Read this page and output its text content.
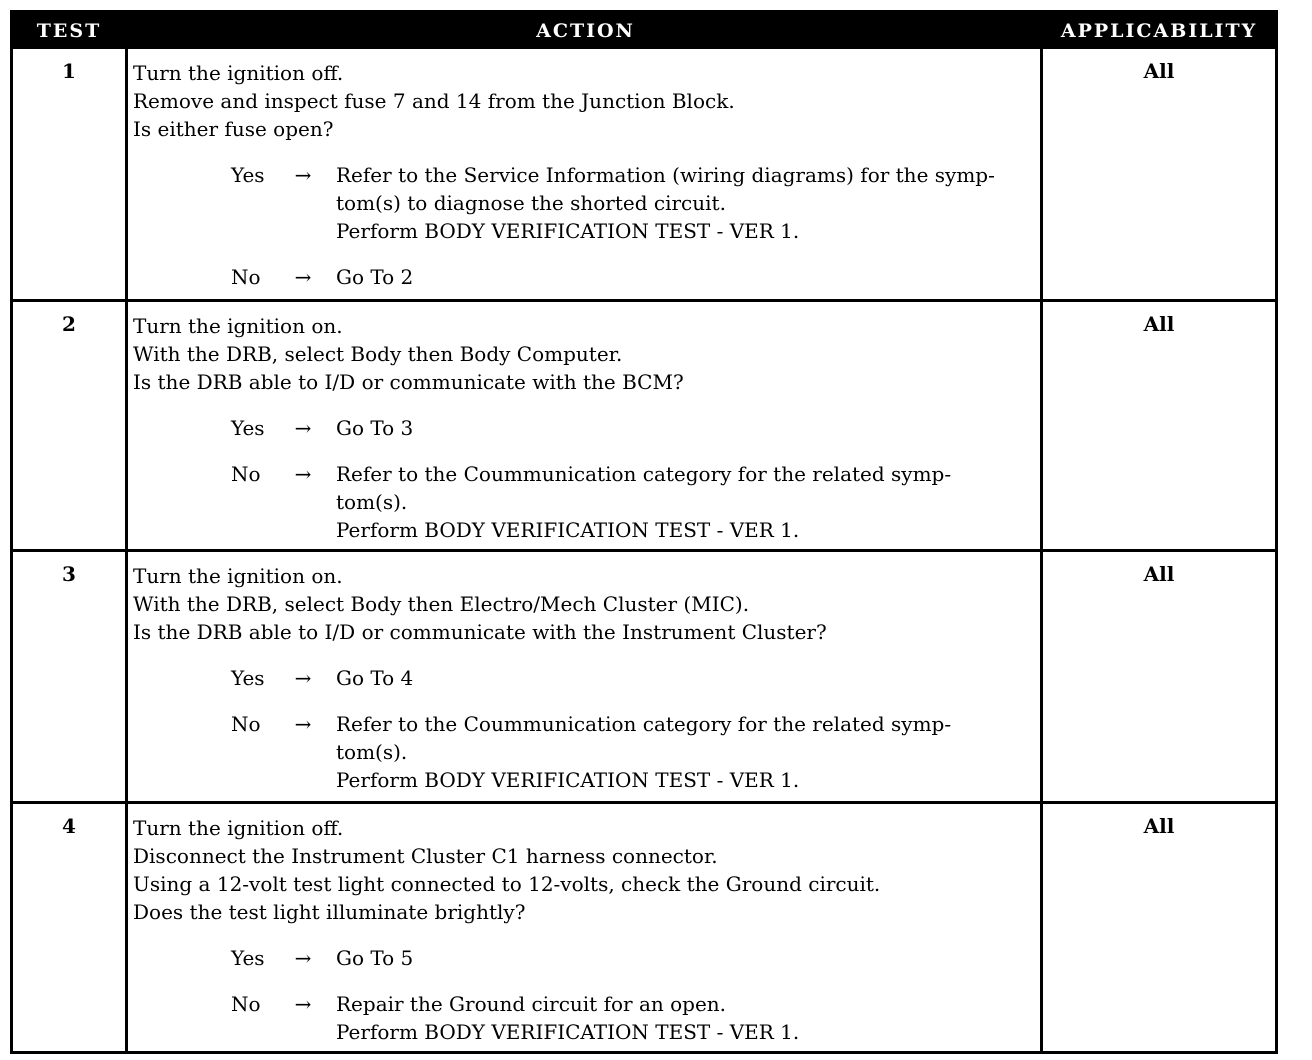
TEST	ACTION	APPLICABILITY
1	Turn the ignition off.
Remove and inspect fuse 7 and 14 from the Junction Block.
Is either fuse open?
Yes	→	Refer to the Service Information (wiring diagrams) for the symp-
tom(s) to diagnose the shorted circuit.
Perform BODY VERIFICATION TEST - VER 1.
No	→	Go To 2
All
2	Turn the ignition on.
With the DRB, select Body then Body Computer.
Is the DRB able to I/D or communicate with the BCM?
Yes	→	Go To 3
No	→	Refer to the Coummunication category for the related symp-
tom(s).
Perform BODY VERIFICATION TEST - VER 1.
All
3	Turn the ignition on.
With the DRB, select Body then Electro/Mech Cluster (MIC).
Is the DRB able to I/D or communicate with the Instrument Cluster?
Yes	→	Go To 4
No	→	Refer to the Coummunication category for the related symp-
tom(s).
Perform BODY VERIFICATION TEST - VER 1.
All
4	Turn the ignition off.
Disconnect the Instrument Cluster C1 harness connector.
Using a 12-volt test light connected to 12-volts, check the Ground circuit.
Does the test light illuminate brightly?
Yes	→	Go To 5
No	→	Repair the Ground circuit for an open.
Perform BODY VERIFICATION TEST - VER 1.
All
